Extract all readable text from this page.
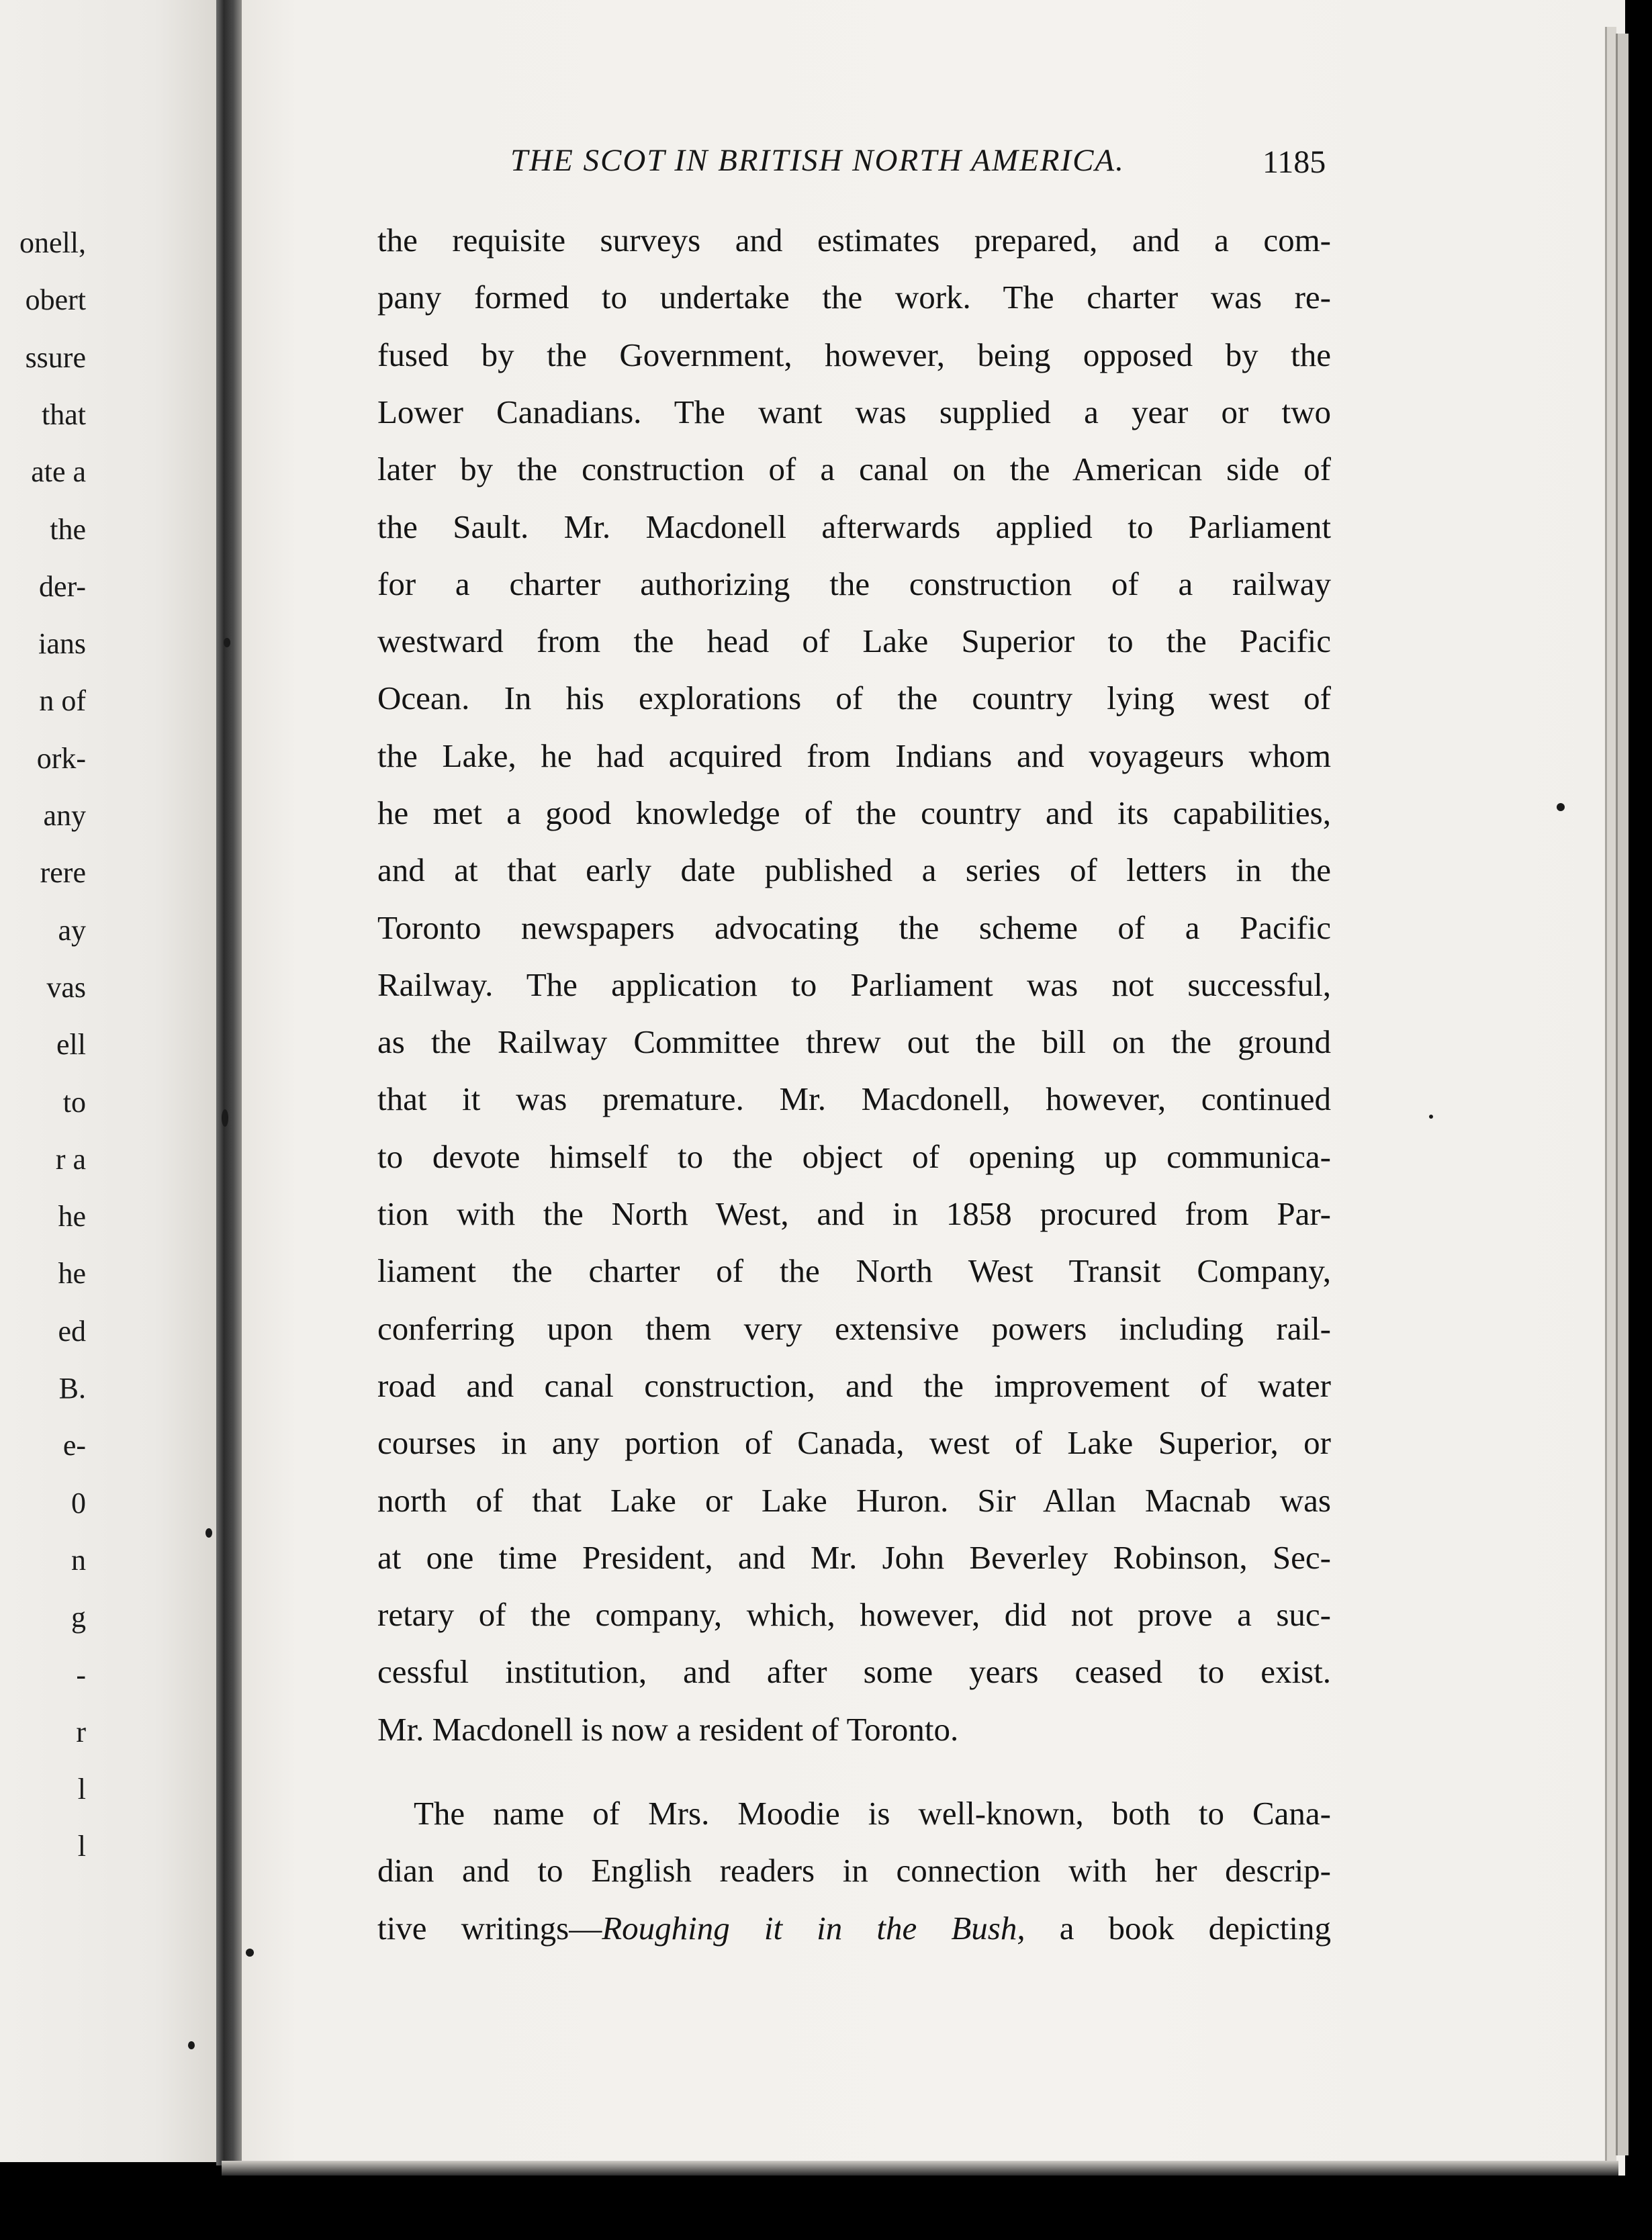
onell,
obert
ssure
that
ate a
the
der-
ians
n of
ork-
any
rere
ay
vas
ell
to
r a
he
he
ed
B.
e-
0
n
g
-
r
l
l
THE SCOT IN BRITISH NORTH AMERICA.	1185
the requisite surveys and estimates prepared, and a com-
pany formed to undertake the work. The charter was re-
fused by the Government, however, being opposed by the
Lower Canadians. The want was supplied a year or two
later by the construction of a canal on the American side of
the Sault. Mr. Macdonell afterwards applied to Parliament
for a charter authorizing the construction of a railway
westward from the head of Lake Superior to the Pacific
Ocean. In his explorations of the country lying west of
the Lake, he had acquired from Indians and voyageurs whom
he met a good knowledge of the country and its capabilities,
and at that early date published a series of letters in the
Toronto newspapers advocating the scheme of a Pacific
Railway. The application to Parliament was not successful,
as the Railway Committee threw out the bill on the ground
that it was premature. Mr. Macdonell, however, continued
to devote himself to the object of opening up communica-
tion with the North West, and in 1858 procured from Par-
liament the charter of the North West Transit Company,
conferring upon them very extensive powers including rail-
road and canal construction, and the improvement of water
courses in any portion of Canada, west of Lake Superior, or
north of that Lake or Lake Huron. Sir Allan Macnab was
at one time President, and Mr. John Beverley Robinson, Sec-
retary of the company, which, however, did not prove a suc-
cessful institution, and after some years ceased to exist.
Mr. Macdonell is now a resident of Toronto.
The name of Mrs. Moodie is well-known, both to Cana-
dian and to English readers in connection with her descrip-
tive writings—Roughing it in the Bush, a book depicting
